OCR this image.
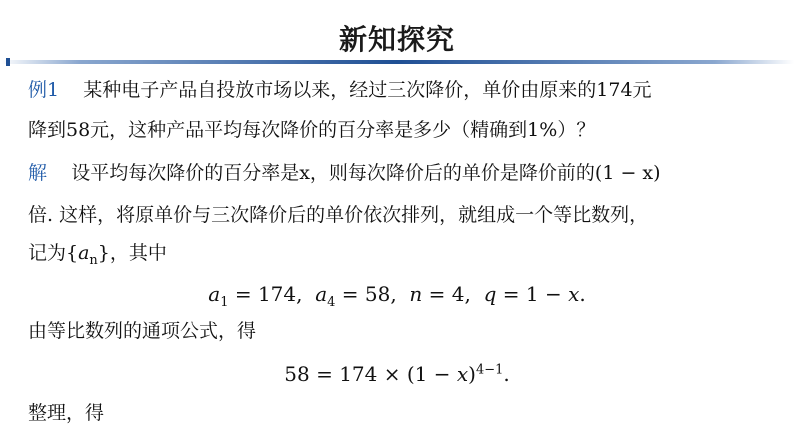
新知探究
例1 某种电子产品自投放市场以来，经过三次降价，单价由原来的174元
降到58元，这种产品平均每次降价的百分率是多少（精确到1%）？
解 设平均每次降价的百分率是x，则每次降价后的单价是降价前的(1 − x)
倍. 这样，将原单价与三次降价后的单价依次排列，就组成一个等比数列，
记为$\{a_n\}$，其中
$a_1 = 174$,  $a_4 = 58$,  n = 4,  q = 1 − x.
由等比数列的通项公式，得
$58 = 174 \times (1 - x)^{4-1}$.
整理，得
